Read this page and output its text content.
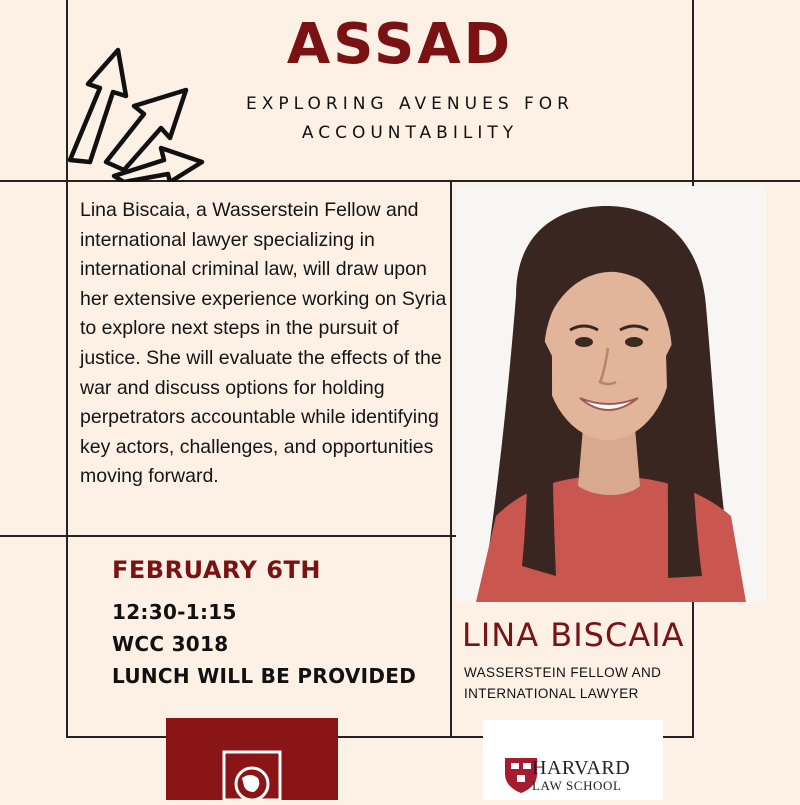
ASSAD
EXPLORING AVENUES FOR ACCOUNTABILITY
Lina Biscaia, a Wasserstein Fellow and international lawyer specializing in international criminal law, will draw upon her extensive experience working on Syria to explore next steps in the pursuit of justice. She will evaluate the effects of the war and discuss options for holding perpetrators accountable while identifying key actors, challenges, and opportunities moving forward.
FEBRUARY 6TH
12:30-1:15
WCC 3018
LUNCH WILL BE PROVIDED
LINA BISCAIA
WASSERSTEIN FELLOW AND INTERNATIONAL LAWYER
HARVARD
LAW SCHOOL
